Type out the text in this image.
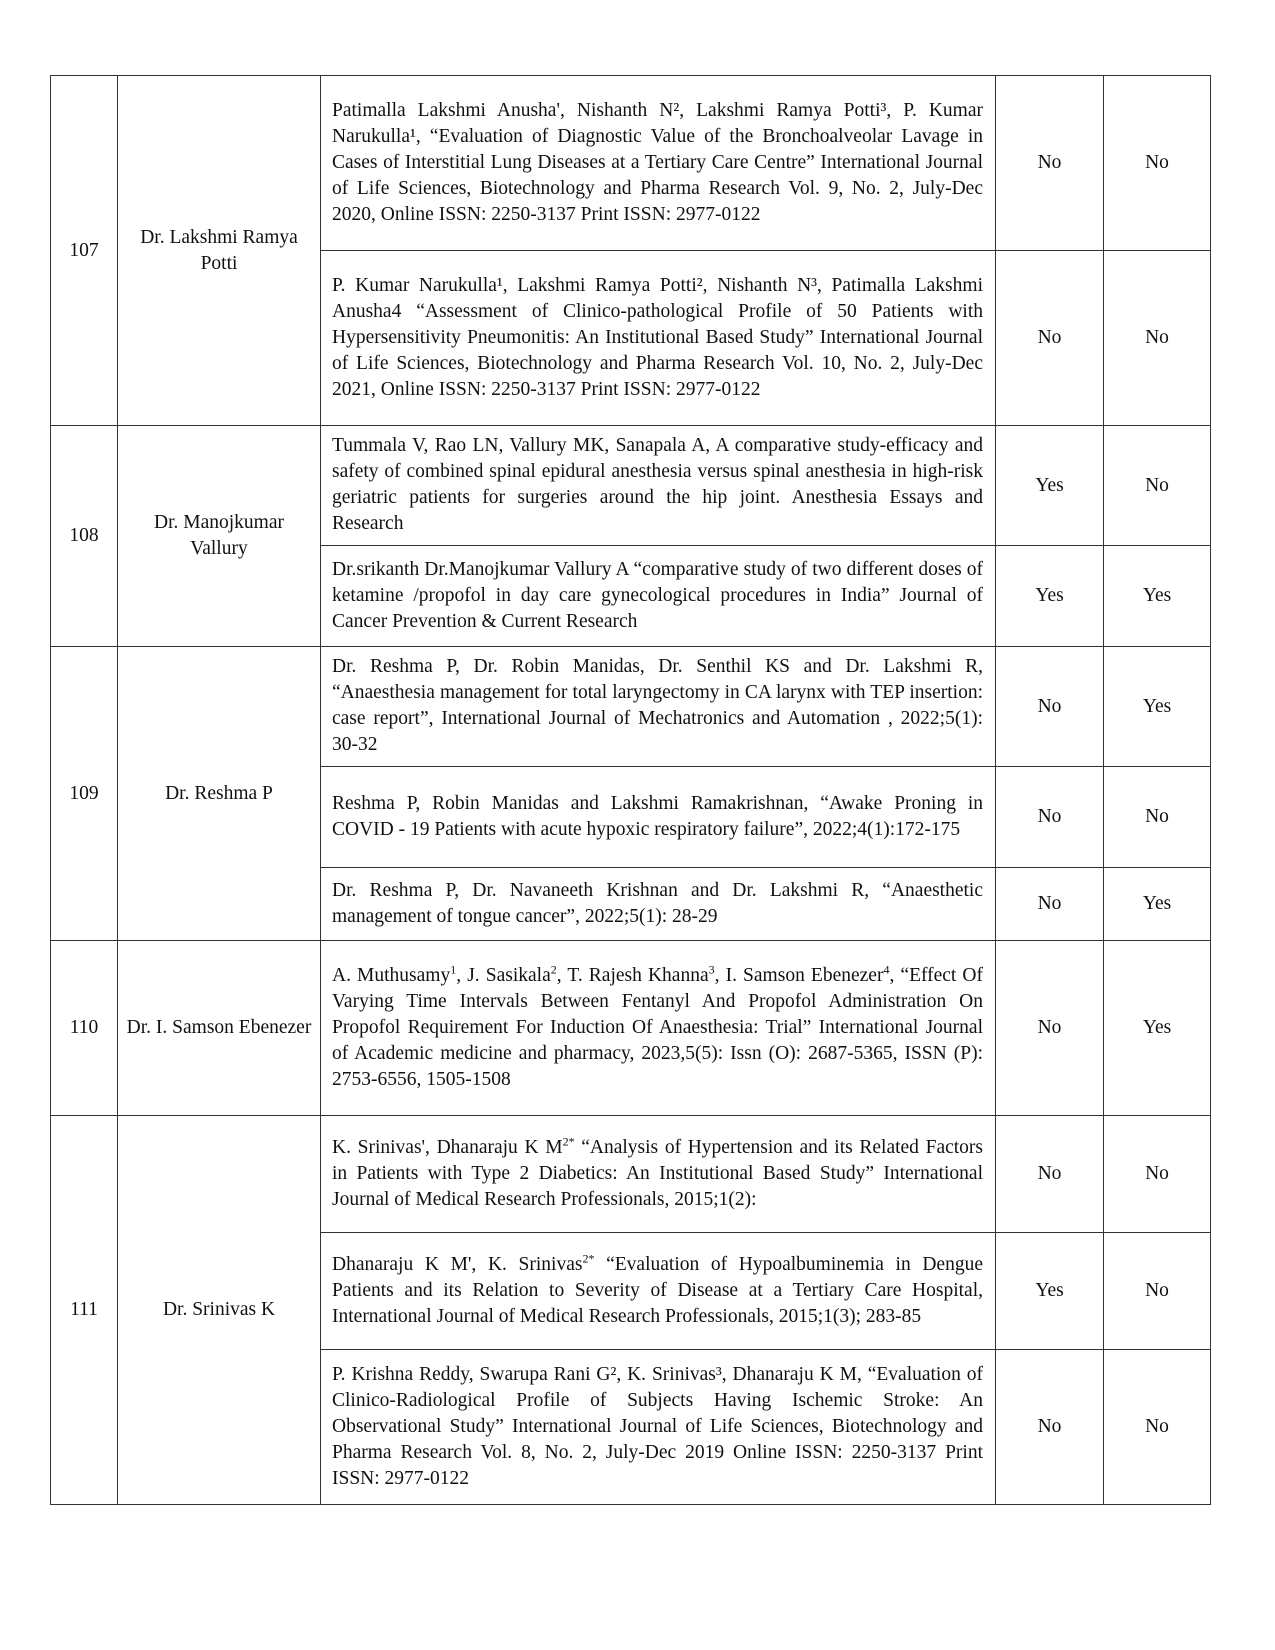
107	Dr. Lakshmi Ramya Potti	Patimalla Lakshmi Anusha', Nishanth N², Lakshmi Ramya Potti³, P. Kumar Narukulla¹, “Evaluation of Diagnostic Value of the Bronchoalveolar Lavage in Cases of Interstitial Lung Diseases at a Tertiary Care Centre” International Journal of Life Sciences, Biotechnology and Pharma Research Vol. 9, No. 2, July-Dec 2020, Online ISSN: 2250-3137 Print ISSN: 2977-0122	No	No
		P. Kumar Narukulla¹, Lakshmi Ramya Potti², Nishanth N³, Patimalla Lakshmi Anusha4 “Assessment of Clinico-pathological Profile of 50 Patients with Hypersensitivity Pneumonitis: An Institutional Based Study” International Journal of Life Sciences, Biotechnology and Pharma Research Vol. 10, No. 2, July-Dec 2021, Online ISSN: 2250-3137 Print ISSN: 2977-0122	No	No
108	Dr. Manojkumar Vallury	Tummala V, Rao LN, Vallury MK, Sanapala A, A comparative study-efficacy and safety of combined spinal epidural anesthesia versus spinal anesthesia in high-risk geriatric patients for surgeries around the hip joint. Anesthesia Essays and Research	Yes	No
		Dr.srikanth Dr.Manojkumar Vallury A “comparative study of two different doses of ketamine /propofol in day care gynecological procedures in India” Journal of Cancer Prevention & Current Research	Yes	Yes
109	Dr. Reshma P	Dr. Reshma P, Dr. Robin Manidas, Dr. Senthil KS and Dr. Lakshmi R, “Anaesthesia management for total laryngectomy in CA larynx with TEP insertion: case report”, International Journal of Mechatronics and Automation , 2022;5(1): 30-32	No	Yes
		Reshma P, Robin Manidas and Lakshmi Ramakrishnan, “Awake Proning in COVID - 19 Patients with acute hypoxic respiratory failure”, 2022;4(1):172-175	No	No
		Dr. Reshma P, Dr. Navaneeth Krishnan and Dr. Lakshmi R, “Anaesthetic management of tongue cancer”, 2022;5(1): 28-29	No	Yes
110	Dr. I. Samson Ebenezer	A. Muthusamy$^1$, J. Sasikala$^2$, T. Rajesh Khanna$^3$, I. Samson Ebenezer$^4$, “Effect Of Varying Time Intervals Between Fentanyl And Propofol Administration On Propofol Requirement For Induction Of Anaesthesia: Trial” International Journal of Academic medicine and pharmacy, 2023,5(5): Issn (O): 2687-5365, ISSN (P): 2753-6556, 1505-1508	No	Yes
111	Dr. Srinivas K	K. Srinivas', Dhanaraju K $M^{2*}$ “Analysis of Hypertension and its Related Factors in Patients with Type 2 Diabetics: An Institutional Based Study” International Journal of Medical Research Professionals, 2015;1(2):	No	No
		Dhanaraju K M', K. Srinivas$^{2*}$ “Evaluation of Hypoalbuminemia in Dengue Patients and its Relation to Severity of Disease at a Tertiary Care Hospital, International Journal of Medical Research Professionals, 2015;1(3); 283-85	Yes	No
		P. Krishna Reddy, Swarupa Rani G², K. Srinivas³, Dhanaraju K M, “Evaluation of Clinico-Radiological Profile of Subjects Having Ischemic Stroke: An Observational Study” International Journal of Life Sciences, Biotechnology and Pharma Research Vol. 8, No. 2, July-Dec 2019 Online ISSN: 2250-3137 Print ISSN: 2977-0122	No	No
